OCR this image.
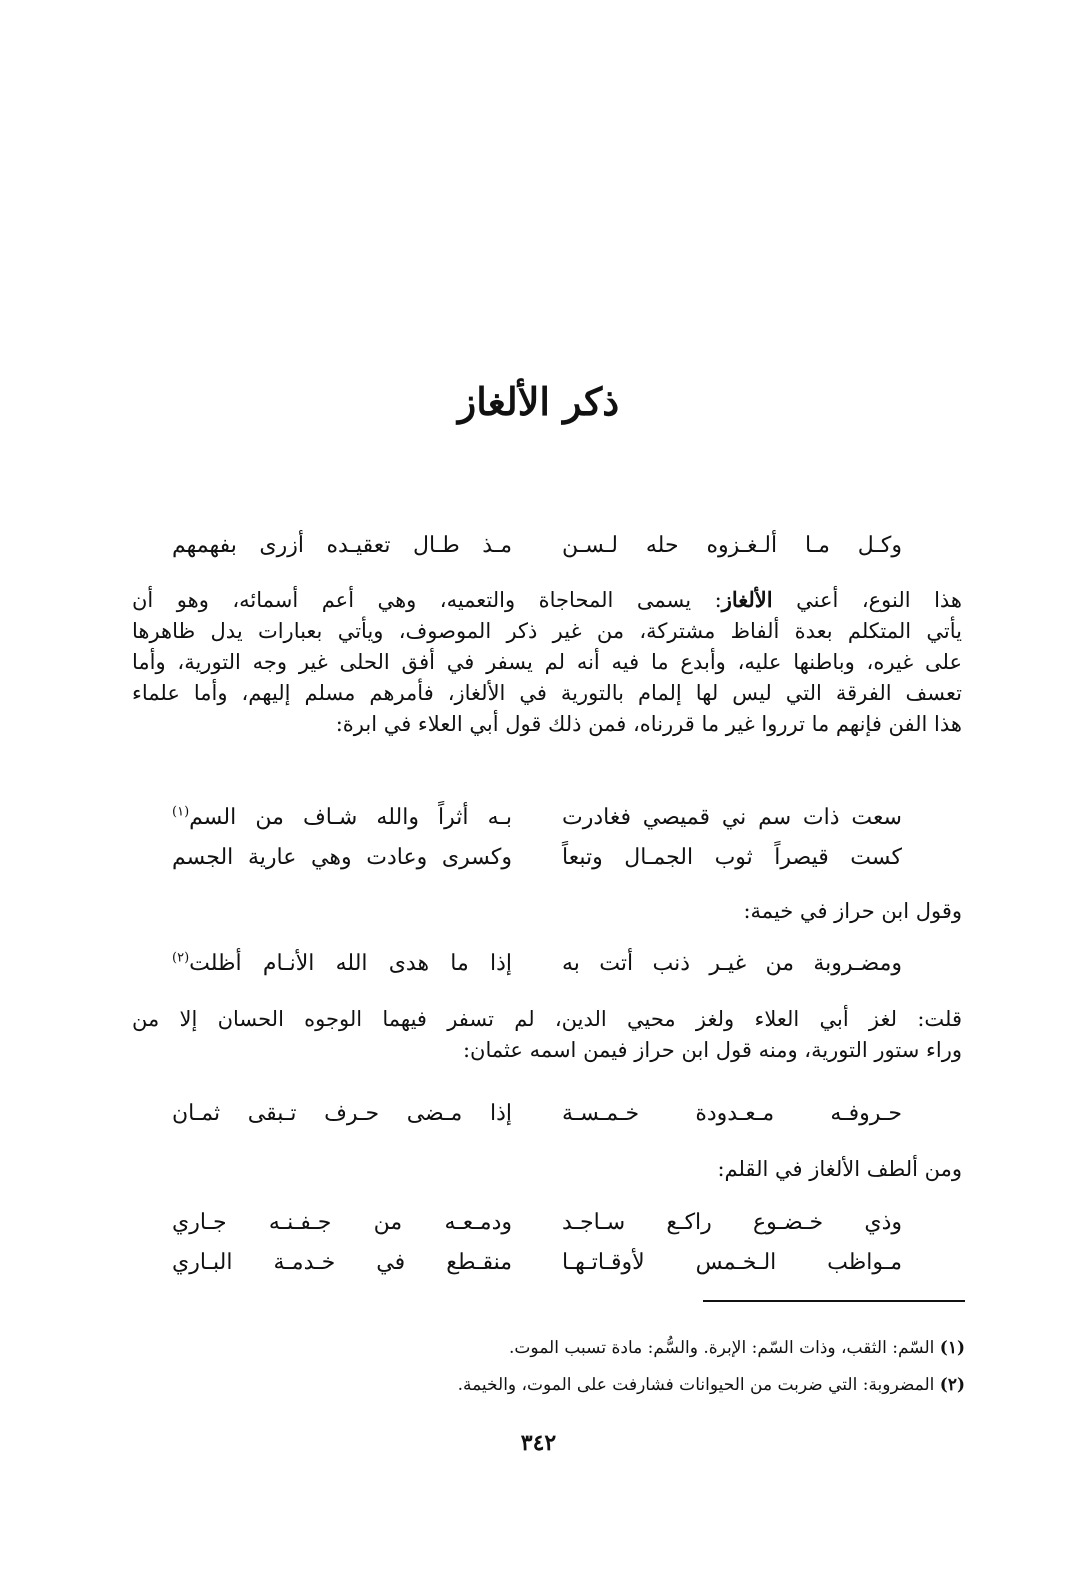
ذكر الألغاز
وكـل مـا ألـغـزوه حله لـسـن
مـذ طـال تعقيـده أزرى بفهمهم
هذا النوع، أعني الألغاز: يسمى المحاجاة والتعميه، وهي أعم أسمائه، وهو أن
يأتي المتكلم بعدة ألفاظ مشتركة، من غير ذكر الموصوف، ويأتي بعبارات يدل ظاهرها
على غيره، وباطنها عليه، وأبدع ما فيه أنه لم يسفر في أفق الحلى غير وجه التورية، وأما
تعسف الفرقة التي ليس لها إلمام بالتورية في الألغاز، فأمرهم مسلم إليهم، وأما علماء
هذا الفن فإنهم ما ترروا غير ما قررناه، فمن ذلك قول أبي العلاء في ابرة:
سعت ذات سم ني قميصي فغادرت
بـه أثراً والله شـاف من السم$^{(١)}$
كست قيصراً ثوب الجمـال وتبعاً
وكسرى وعادت وهي عارية الجسم
وقول ابن حراز في خيمة:
ومضـروبة من غيـر ذنب أتت به
إذا ما هدى الله الأنـام أظلت$^{(٢)}$
قلت: لغز أبي العلاء ولغز محيي الدين، لم تسفر فيهما الوجوه الحسان إلا من
وراء ستور التورية، ومنه قول ابن حراز فيمن اسمه عثمان:
حـروفـه مـعـدودة خـمـسـة
إذا مـضى حـرف تـبقى ثمـان
ومن ألطف الألغاز في القلم:
وذي خـضـوع راكـع سـاجـد
ودمـعـه من جـفـنـه جـاري
مـواظب الـخـمس لأوقـاتـهـا
منقـطع في خـدمـة البـاري
(١) السّم: الثقب، وذات السّم: الإبرة. والسُّم: مادة تسبب الموت.
(٢) المضروبة: التي ضربت من الحيوانات فشارفت على الموت، والخيمة.
٣٤٢
